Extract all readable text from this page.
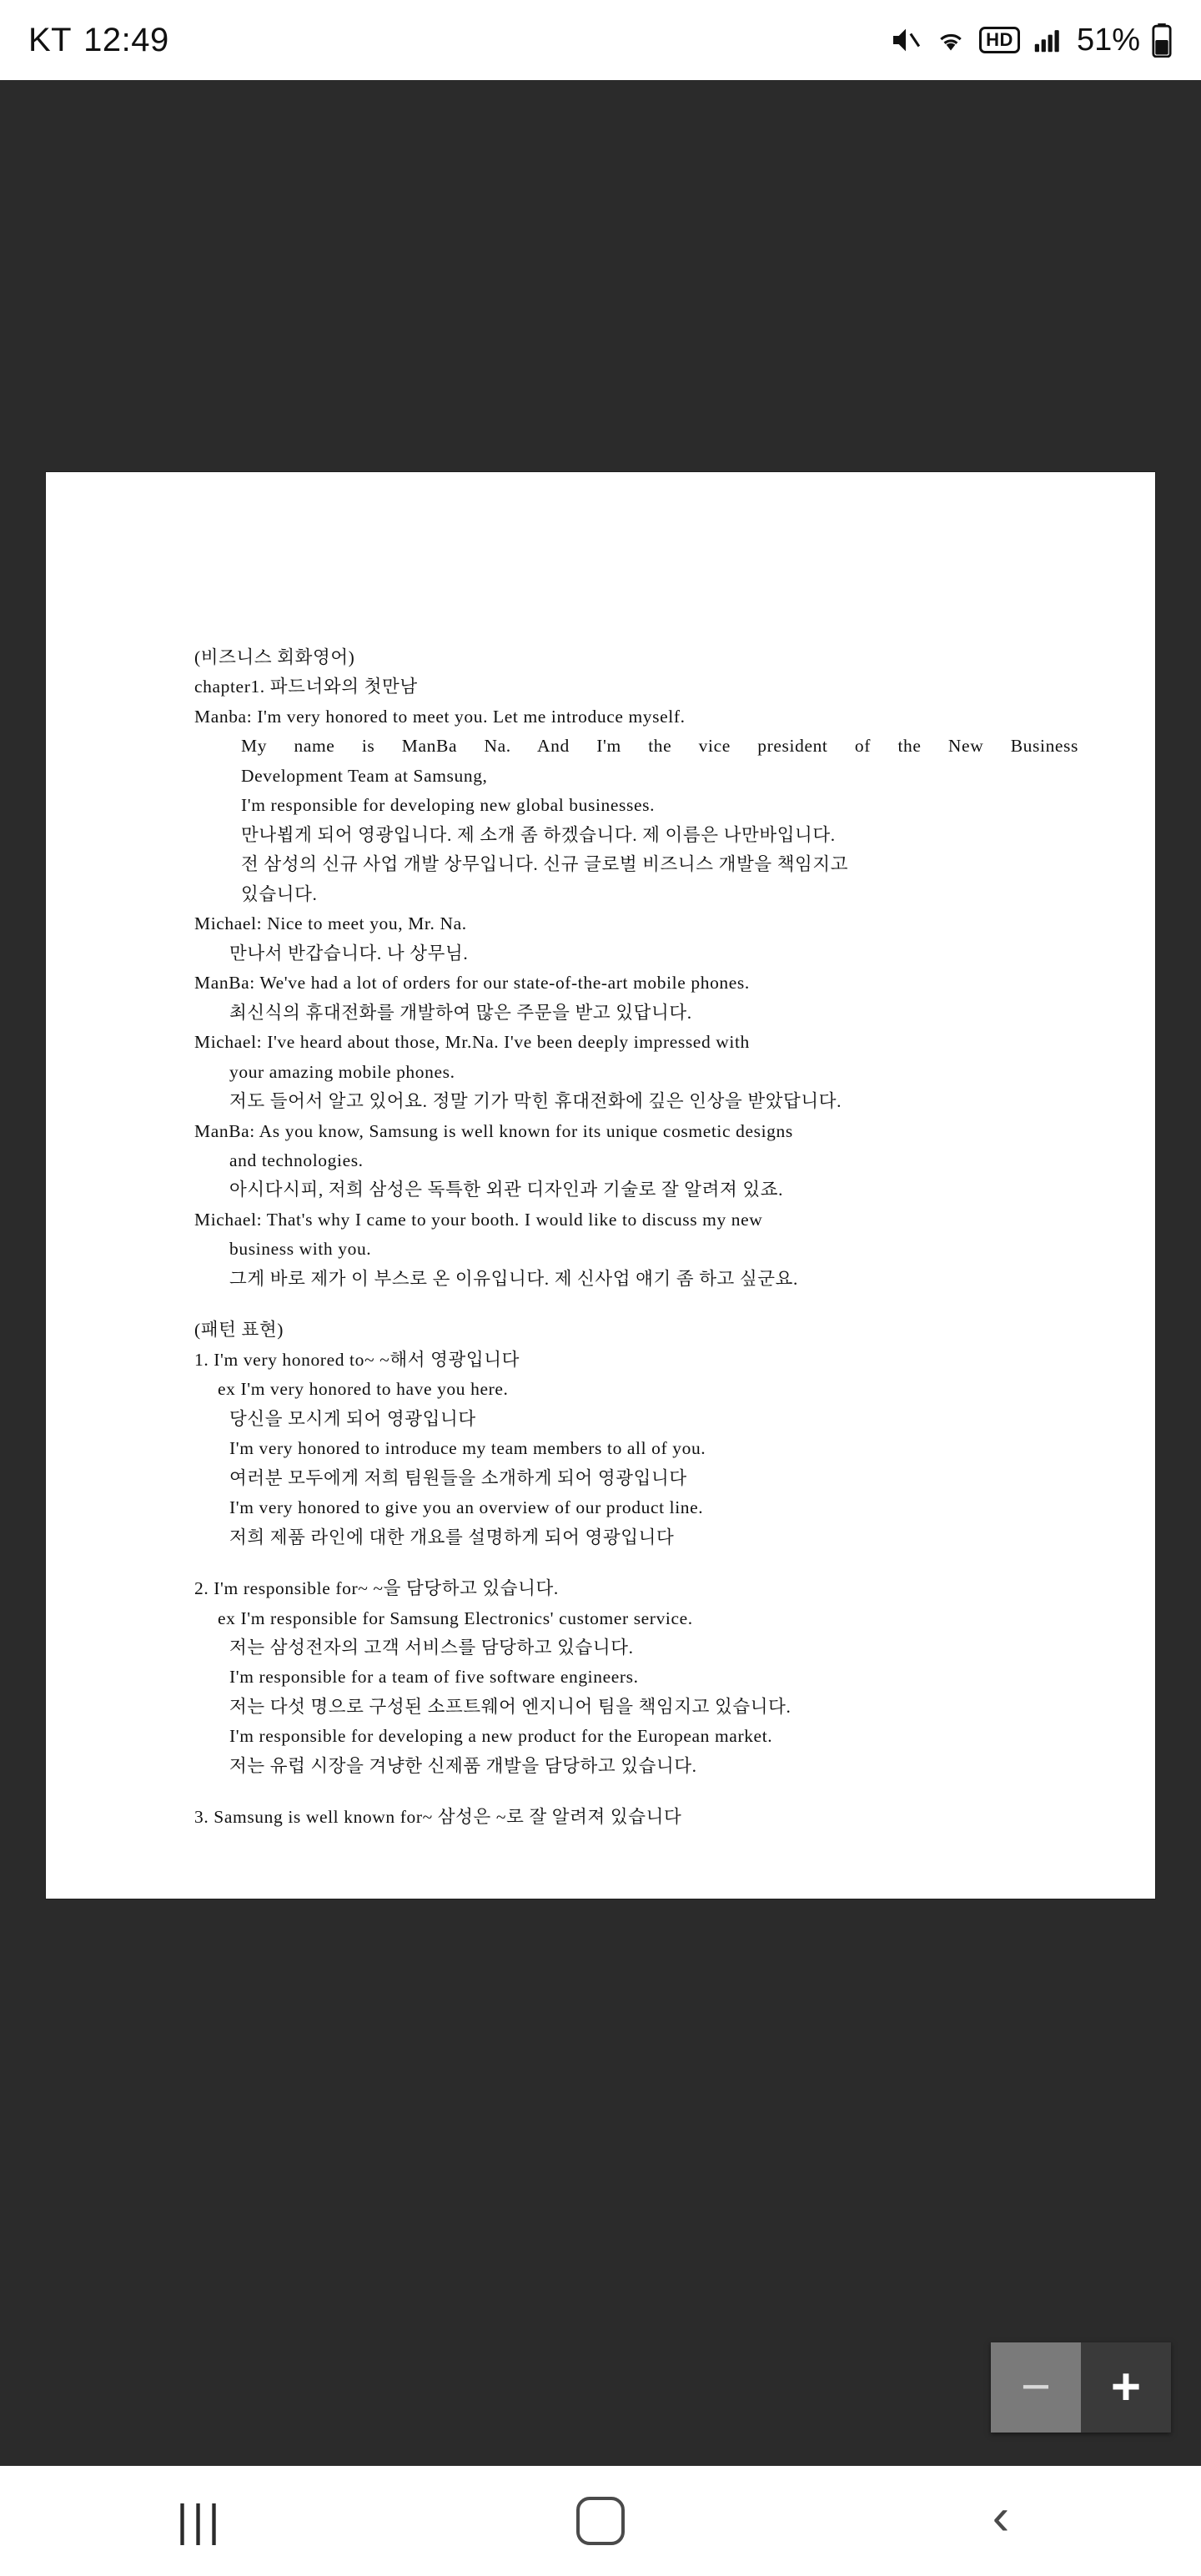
KT 12:49	HD 51%
(비즈니스 회화영어)
chapter1. 파드너와의 첫만남
Manba: I'm very honored to meet you. Let me introduce myself.
My name is ManBa Na. And I'm the vice president of the New Business
Development Team at Samsung,
I'm responsible for developing new global businesses.
만나뵙게 되어 영광입니다. 제 소개 좀 하겠습니다. 제 이름은 나만바입니다.
전 삼성의 신규 사업 개발 상무입니다. 신규 글로벌 비즈니스 개발을 책임지고
있습니다.
Michael: Nice to meet you, Mr. Na.
만나서 반갑습니다. 나 상무님.
ManBa: We've had a lot of orders for our state-of-the-art mobile phones.
최신식의 휴대전화를 개발하여 많은 주문을 받고 있답니다.
Michael: I've heard about those, Mr.Na. I've been deeply impressed with
your amazing mobile phones.
저도 들어서 알고 있어요. 정말 기가 막힌 휴대전화에 깊은 인상을 받았답니다.
ManBa: As you know, Samsung is well known for its unique cosmetic designs
and technologies.
아시다시피, 저희 삼성은 독특한 외관 디자인과 기술로 잘 알려져 있죠.
Michael: That's why I came to your booth. I would like to discuss my new
business with you.
그게 바로 제가 이 부스로 온 이유입니다. 제 신사업 얘기 좀 하고 싶군요.
(패턴 표현)
1. I'm very honored to~ ~해서 영광입니다
ex I'm very honored to have you here.
당신을 모시게 되어 영광입니다
I'm very honored to introduce my team members to all of you.
여러분 모두에게 저희 팀원들을 소개하게 되어 영광입니다
I'm very honored to give you an overview of our product line.
저희 제품 라인에 대한 개요를 설명하게 되어 영광입니다
2. I'm responsible for~ ~을 담당하고 있습니다.
ex I'm responsible for Samsung Electronics' customer service.
저는 삼성전자의 고객 서비스를 담당하고 있습니다.
I'm responsible for a team of five software engineers.
저는 다섯 명으로 구성된 소프트웨어 엔지니어 팀을 책임지고 있습니다.
I'm responsible for developing a new product for the European market.
저는 유럽 시장을 겨냥한 신제품 개발을 담당하고 있습니다.
3. Samsung is well known for~ 삼성은 ~로 잘 알려져 있습니다
−	+
|||	‹
